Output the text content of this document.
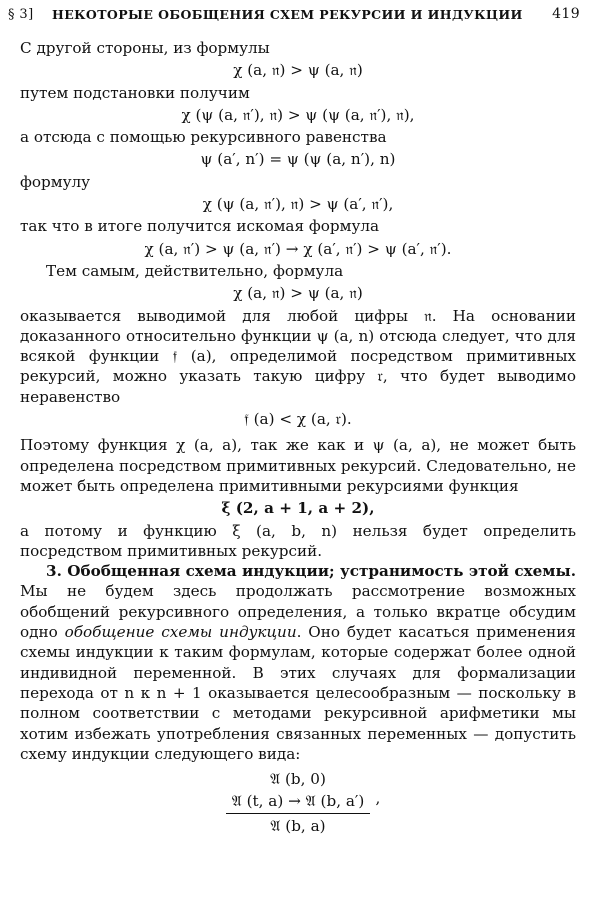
§ 3] НЕКОТОРЫЕ ОБОБЩЕНИЯ СХЕМ РЕКУРСИИ И ИНДУКЦИИ 419

С другой стороны, из формулы

χ (a, 𝔫) > ψ (a, 𝔫)

путем подстановки получим

χ (ψ (a, 𝔫′), 𝔫) > ψ (ψ (a, 𝔫′), 𝔫),

а отсюда с помощью рекурсивного равенства

ψ (a′, n′) = ψ (ψ (a, n′), n)

формулу

χ (ψ (a, 𝔫′), 𝔫) > ψ (a′, 𝔫′),

так что в итоге получится искомая формула

χ (a, 𝔫′) > ψ (a, 𝔫′) → χ (a′, 𝔫′) > ψ (a′, 𝔫′).

Тем самым, действительно, формула

χ (a, 𝔫) > ψ (a, 𝔫)

оказывается выводимой для любой цифры 𝔫. На основании доказанного относительно функции ψ (a, n) отсюда следует, что для всякой функции 𝔣 (a), определимой посредством примитивных рекурсий, можно указать такую цифру 𝔯, что будет выводимо неравенство

𝔣 (a) < χ (a, 𝔯).

Поэтому функция χ (a, a), так же как и ψ (a, a), не может быть определена посредством примитивных рекурсий. Следовательно, не может быть определена примитивными рекурсиями функция

ξ (2, a + 1, a + 2),

а потому и функцию ξ (a, b, n) нельзя будет определить посредством примитивных рекурсий.

3. Обобщенная схема индукции; устранимость этой схемы. Мы не будем здесь продолжать рассмотрение возможных обобщений рекурсивного определения, а только вкратце обсудим одно обобщение схемы индукции. Оно будет касаться применения схемы индукции к таким формулам, которые содержат более одной индивидной переменной. В этих случаях для формализации перехода от n к n + 1 оказывается целесообразным — поскольку в полном соответствии с методами рекурсивной арифметики мы хотим избежать употребления связанных переменных — допустить схему индукции следующего вида:

𝔄 (b, 0)
𝔄 (t, a) → 𝔄 (b, a′)
𝔄 (b, a)
,
